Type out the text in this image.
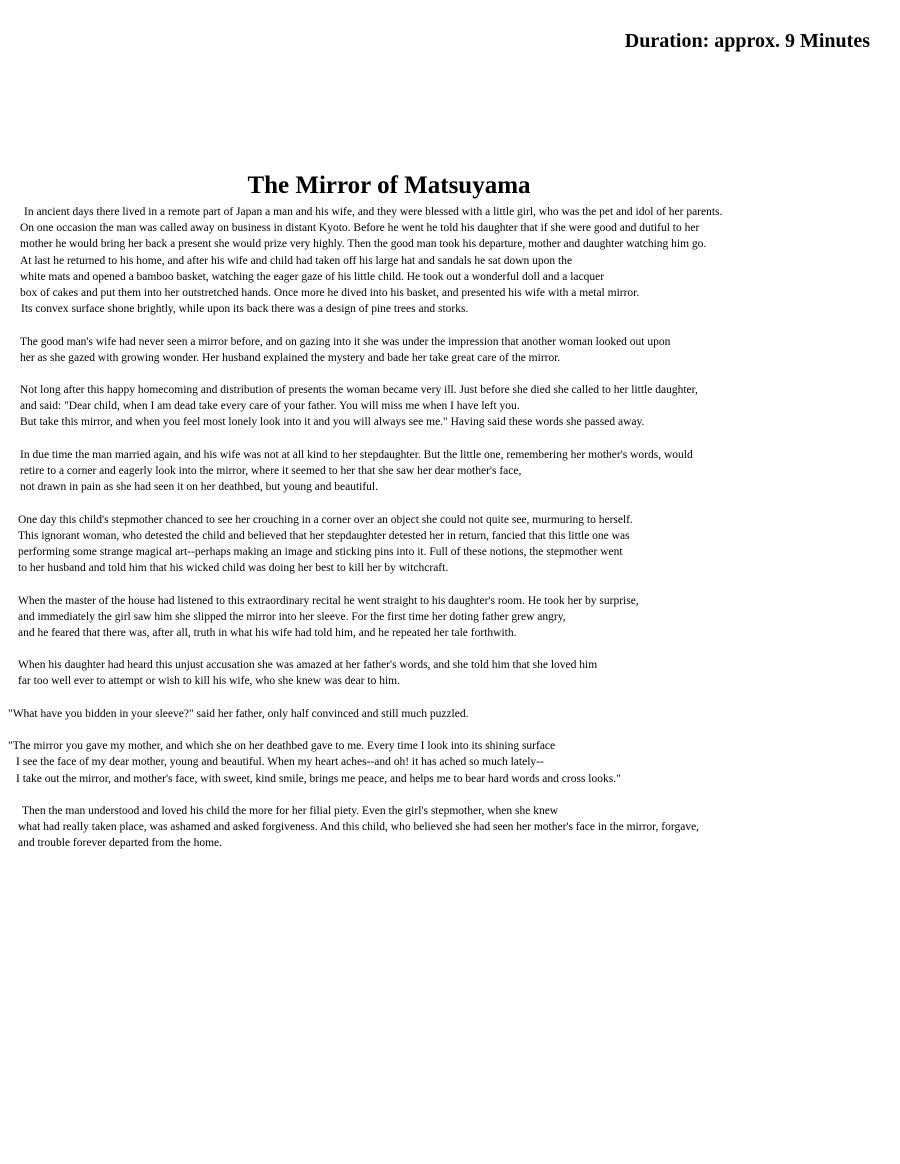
Duration: approx. 9 Minutes
The Mirror of Matsuyama
In ancient days there lived in a remote part of Japan a man and his wife, and they were blessed with a little girl, who was the pet and idol of her parents.
On one occasion the man was called away on business in distant Kyoto. Before he went he told his daughter that if she were good and dutiful to her
mother he would bring her back a present she would prize very highly. Then the good man took his departure, mother and daughter watching him go.
At last he returned to his home, and after his wife and child had taken off his large hat and sandals he sat down upon the
white mats and opened a bamboo basket, watching the eager gaze of his little child. He took out a wonderful doll and a lacquer
box of cakes and put them into her outstretched hands. Once more he dived into his basket, and presented his wife with a metal mirror.
Its convex surface shone brightly, while upon its back there was a design of pine trees and storks.
The good man's wife had never seen a mirror before, and on gazing into it she was under the impression that another woman looked out upon
her as she gazed with growing wonder. Her husband explained the mystery and bade her take great care of the mirror.
Not long after this happy homecoming and distribution of presents the woman became very ill. Just before she died she called to her little daughter,
and said: "Dear child, when I am dead take every care of your father. You will miss me when I have left you.
But take this mirror, and when you feel most lonely look into it and you will always see me." Having said these words she passed away.
In due time the man married again, and his wife was not at all kind to her stepdaughter. But the little one, remembering her mother's words, would
retire to a corner and eagerly look into the mirror, where it seemed to her that she saw her dear mother's face,
not drawn in pain as she had seen it on her deathbed, but young and beautiful.
One day this child's stepmother chanced to see her crouching in a corner over an object she could not quite see, murmuring to herself.
This ignorant woman, who detested the child and believed that her stepdaughter detested her in return, fancied that this little one was
performing some strange magical art--perhaps making an image and sticking pins into it. Full of these notions, the stepmother went
to her husband and told him that his wicked child was doing her best to kill her by witchcraft.
When the master of the house had listened to this extraordinary recital he went straight to his daughter's room. He took her by surprise,
and immediately the girl saw him she slipped the mirror into her sleeve. For the first time her doting father grew angry,
and he feared that there was, after all, truth in what his wife had told him, and he repeated her tale forthwith.
When his daughter had heard this unjust accusation she was amazed at her father's words, and she told him that she loved him
far too well ever to attempt or wish to kill his wife, who she knew was dear to him.
"What have you bidden in your sleeve?" said her father, only half convinced and still much puzzled.
"The mirror you gave my mother, and which she on her deathbed gave to me. Every time I look into its shining surface
I see the face of my dear mother, young and beautiful. When my heart aches--and oh! it has ached so much lately--
I take out the mirror, and mother's face, with sweet, kind smile, brings me peace, and helps me to bear hard words and cross looks."
Then the man understood and loved his child the more for her filial piety. Even the girl's stepmother, when she knew
what had really taken place, was ashamed and asked forgiveness. And this child, who believed she had seen her mother's face in the mirror, forgave,
and trouble forever departed from the home.
